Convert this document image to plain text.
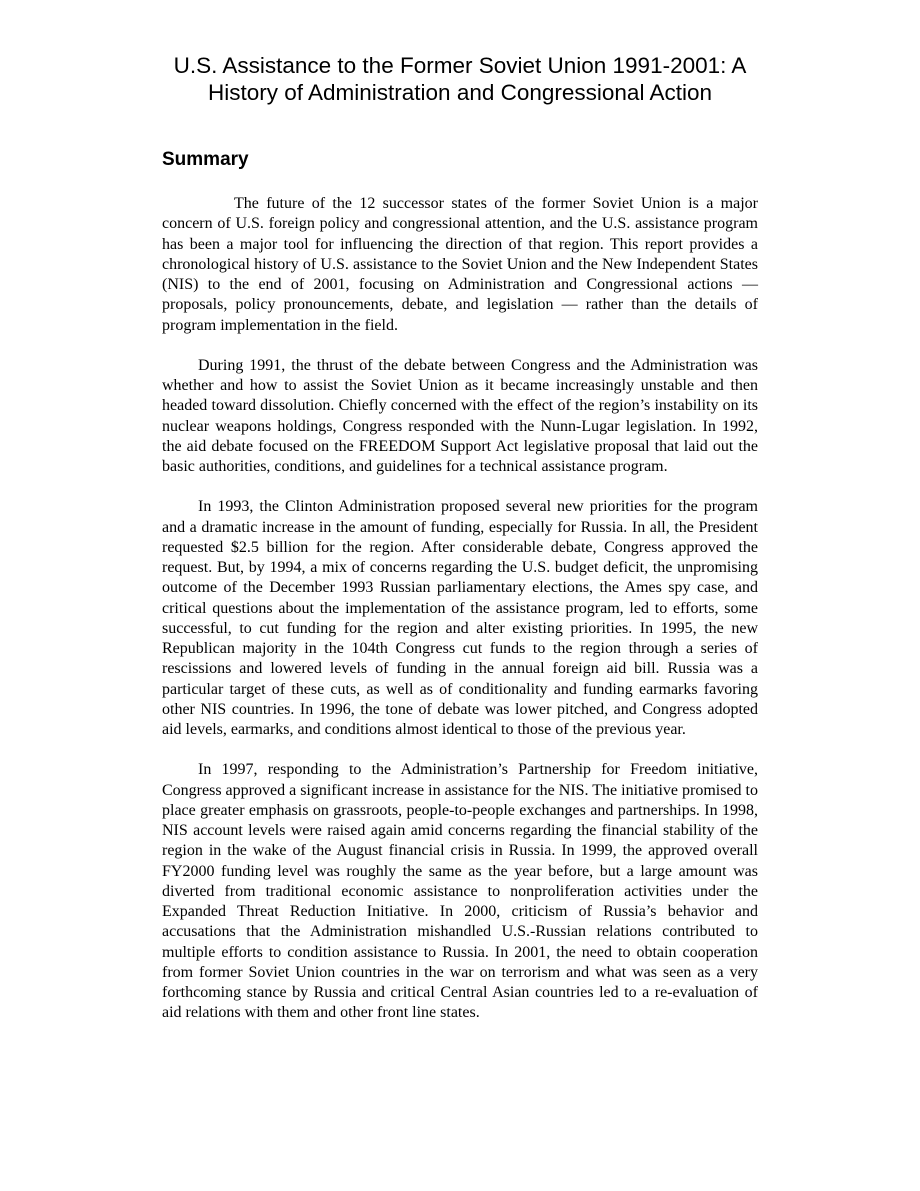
U.S. Assistance to the Former Soviet Union 1991-2001: A History of Administration and Congressional Action
Summary

The future of the 12 successor states of the former Soviet Union is a major concern of U.S. foreign policy and congressional attention, and the U.S. assistance program has been a major tool for influencing the direction of that region. This report provides a chronological history of U.S. assistance to the Soviet Union and the New Independent States (NIS) to the end of 2001, focusing on Administration and Congressional actions — proposals, policy pronouncements, debate, and legislation — rather than the details of program implementation in the field.

During 1991, the thrust of the debate between Congress and the Administration was whether and how to assist the Soviet Union as it became increasingly unstable and then headed toward dissolution. Chiefly concerned with the effect of the region’s instability on its nuclear weapons holdings, Congress responded with the Nunn-Lugar legislation. In 1992, the aid debate focused on the FREEDOM Support Act legislative proposal that laid out the basic authorities, conditions, and guidelines for a technical assistance program.

In 1993, the Clinton Administration proposed several new priorities for the program and a dramatic increase in the amount of funding, especially for Russia. In all, the President requested $2.5 billion for the region. After considerable debate, Congress approved the request. But, by 1994, a mix of concerns regarding the U.S. budget deficit, the unpromising outcome of the December 1993 Russian parliamentary elections, the Ames spy case, and critical questions about the implementation of the assistance program, led to efforts, some successful, to cut funding for the region and alter existing priorities. In 1995, the new Republican majority in the 104th Congress cut funds to the region through a series of rescissions and lowered levels of funding in the annual foreign aid bill. Russia was a particular target of these cuts, as well as of conditionality and funding earmarks favoring other NIS countries. In 1996, the tone of debate was lower pitched, and Congress adopted aid levels, earmarks, and conditions almost identical to those of the previous year.

In 1997, responding to the Administration’s Partnership for Freedom initiative, Congress approved a significant increase in assistance for the NIS. The initiative promised to place greater emphasis on grassroots, people-to-people exchanges and partnerships. In 1998, NIS account levels were raised again amid concerns regarding the financial stability of the region in the wake of the August financial crisis in Russia. In 1999, the approved overall FY2000 funding level was roughly the same as the year before, but a large amount was diverted from traditional economic assistance to nonproliferation activities under the Expanded Threat Reduction Initiative. In 2000, criticism of Russia’s behavior and accusations that the Administration mishandled U.S.-Russian relations contributed to multiple efforts to condition assistance to Russia. In 2001, the need to obtain cooperation from former Soviet Union countries in the war on terrorism and what was seen as a very forthcoming stance by Russia and critical Central Asian countries led to a re-evaluation of aid relations with them and other front line states.
